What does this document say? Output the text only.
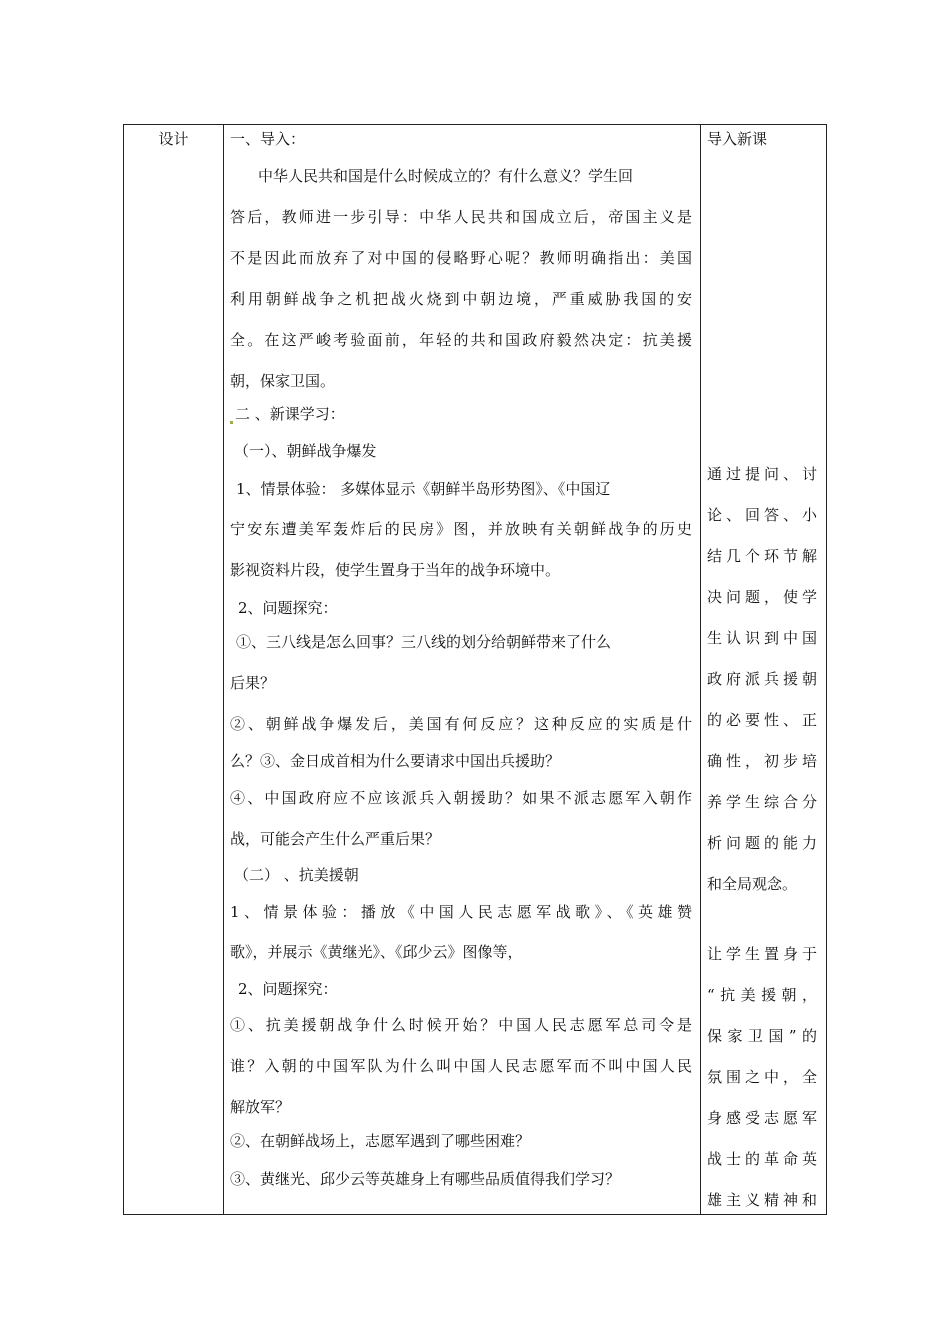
设计	一、导入：
中华人民共和国是什么时候成立的？有什么意义？学生回
答后，教师进一步引导：中华人民共和国成立后，帝国主义是
不是因此而放弃了对中国的侵略野心呢？教师明确指出：美国
利用朝鲜战争之机把战火烧到中朝边境，严重威胁我国的安
全。在这严峻考验面前，年轻的共和国政府毅然决定：抗美援
朝，保家卫国。
二 、新课学习：
（一）、朝鲜战争爆发
1、情景体验： 多媒体显示《朝鲜半岛形势图》、《中国辽
宁安东遭美军轰炸后的民房》图，并放映有关朝鲜战争的历史
影视资料片段，使学生置身于当年的战争环境中。
2、问题探究：
①、三八线是怎么回事？三八线的划分给朝鲜带来了什么
后果？
②、朝鲜战争爆发后，美国有何反应？这种反应的实质是什
么？③、金日成首相为什么要请求中国出兵援助？
④、中国政府应不应该派兵入朝援助？如果不派志愿军入朝作
战，可能会产生什么严重后果？
（二） 、抗美援朝
1、情景体验：播放《中国人民志愿军战歌》、《英雄赞
歌》，并展示《黄继光》、《邱少云》图像等，
2、问题探究：
①、抗美援朝战争什么时候开始？中国人民志愿军总司令是
谁？入朝的中国军队为什么叫中国人民志愿军而不叫中国人民
解放军？
②、在朝鲜战场上，志愿军遇到了哪些困难？
③、黄继光、邱少云等英雄身上有哪些品质值得我们学习？
导入新课
通过提问、讨
论、回答、小
结几个环节解
决问题，使学
生认识到中国
政府派兵援朝
的必要性、正
确性，初步培
养学生综合分
析问题的能力
和全局观念。
让学生置身于
“抗美援朝，
保家卫国”的
氛围之中，全
身感受志愿军
战士的革命英
雄主义精神和
